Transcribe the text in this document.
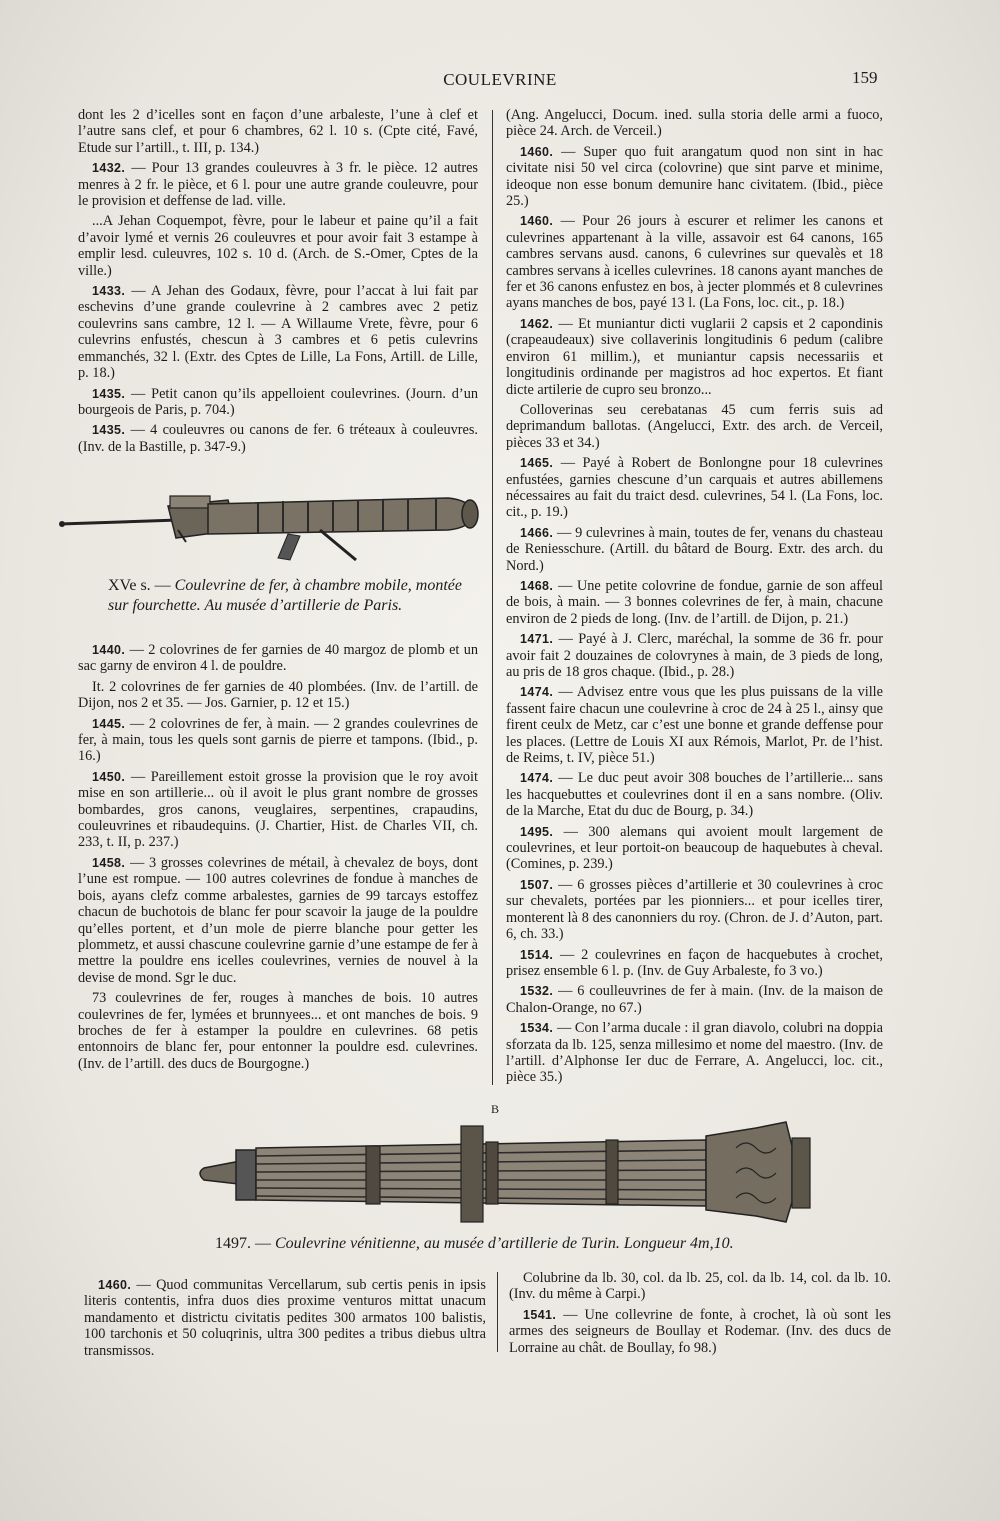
COULEVRINE	159

dont les 2 d’icelles sont en façon d’une arbaleste, l’une à clef et l’autre sans clef, et pour 6 chambres, 62 l. 10 s. (Cpte cité, Favé, Etude sur l’artill., t. III, p. 134.)

1432. — Pour 13 grandes couleuvres à 3 fr. le pièce. 12 autres menres à 2 fr. le pièce, et 6 l. pour une autre grande couleuvre, pour le provision et deffense de lad. ville.

...A Jehan Coquempot, fèvre, pour le labeur et paine qu’il a fait d’avoir lymé et vernis 26 couleuvres et pour avoir fait 3 estampe à emplir lesd. culeuvres, 102 s. 10 d. (Arch. de S.-Omer, Cptes de la ville.)

1433. — A Jehan des Godaux, fèvre, pour l’accat à lui fait par eschevins d’une grande coulevrine à 2 cambres avec 2 petiz coulevrins sans cambre, 12 l. — A Willaume Vrete, fèvre, pour 6 culevrins enfustés, chescun à 3 cambres et 6 petis culevrins emmanchés, 32 l. (Extr. des Cptes de Lille, La Fons, Artill. de Lille, p. 18.)

1435. — Petit canon qu’ils appelloient coulevrines. (Journ. d’un bourgeois de Paris, p. 704.)

1435. — 4 couleuvres ou canons de fer. 6 tréteaux à couleuvres. (Inv. de la Bastille, p. 347-9.)

XVe s. — Coulevrine de fer, à chambre mobile, montée sur fourchette. Au musée d’artillerie de Paris.

1440. — 2 colovrines de fer garnies de 40 margoz de plomb et un sac garny de environ 4 l. de pouldre.

It. 2 colovrines de fer garnies de 40 plombées. (Inv. de l’artill. de Dijon, nos 2 et 35. — Jos. Garnier, p. 12 et 15.)

1445. — 2 colovrines de fer, à main. — 2 grandes coulevrines de fer, à main, tous les quels sont garnis de pierre et tampons. (Ibid., p. 16.)

1450. — Pareillement estoit grosse la provision que le roy avoit mise en son artillerie... où il avoit le plus grant nombre de grosses bombardes, gros canons, veuglaires, serpentines, crapaudins, couleuvrines et ribaudequins. (J. Chartier, Hist. de Charles VII, ch. 233, t. II, p. 237.)

1458. — 3 grosses colevrines de métail, à chevalez de boys, dont l’une est rompue. — 100 autres colevrines de fondue à manches de bois, ayans clefz comme arbalestes, garnies de 99 tarcays estoffez chacun de buchotois de blanc fer pour scavoir la jauge de la pouldre qu’elles portent, et d’un mole de pierre blanche pour getter les plommetz, et aussi chascune coulevrine garnie d’une estampe de fer à mettre la pouldre ens icelles coulevrines, vernies de nouvel à la devise de mond. Sgr le duc.

73 coulevrines de fer, rouges à manches de bois. 10 autres coulevrines de fer, lymées et brunnyees... et ont manches de bois. 9 broches de fer à estamper la pouldre en culevrines. 68 petis entonnoirs de blanc fer, pour entonner la pouldre esd. culevrines. (Inv. de l’artill. des ducs de Bourgogne.)

(Ang. Angelucci, Docum. ined. sulla storia delle armi a fuoco, pièce 24. Arch. de Verceil.)

1460. — Super quo fuit arangatum quod non sint in hac civitate nisi 50 vel circa (colovrine) que sint parve et minime, ideoque non esse bonum demunire hanc civitatem. (Ibid., pièce 25.)

1460. — Pour 26 jours à escurer et relimer les canons et culevrines appartenant à la ville, assavoir est 64 canons, 165 cambres servans ausd. canons, 6 culevrines sur quevalès et 18 cambres servans à icelles culevrines. 18 canons ayant manches de fer et 36 canons enfustez en bos, à jecter plommés et 8 culevrines ayans manches de bos, payé 13 l. (La Fons, loc. cit., p. 18.)

1462. — Et muniantur dicti vuglarii 2 capsis et 2 capondinis (crapeaudeaux) sive collaverinis longitudinis 6 pedum (calibre environ 61 millim.), et muniantur capsis necessariis et longitudinis ordinande per magistros ad hoc expertos. Et fiant dicte artilerie de cupro seu bronzo...

Colloverinas seu cerebatanas 45 cum ferris suis ad deprimandum ballotas. (Angelucci, Extr. des arch. de Verceil, pièces 33 et 34.)

1465. — Payé à Robert de Bonlongne pour 18 culevrines enfustées, garnies chescune d’un carquais et autres abillemens nécessaires au fait du traict desd. culevrines, 54 l. (La Fons, loc. cit., p. 19.)

1466. — 9 culevrines à main, toutes de fer, venans du chasteau de Reniesschure. (Artill. du bâtard de Bourg. Extr. des arch. du Nord.)

1468. — Une petite colovrine de fondue, garnie de son affeul de bois, à main. — 3 bonnes colevrines de fer, à main, chacune environ de 2 pieds de long. (Inv. de l’artill. de Dijon, p. 21.)

1471. — Payé à J. Clerc, maréchal, la somme de 36 fr. pour avoir fait 2 douzaines de colovrynes à main, de 3 pieds de long, au pris de 18 gros chaque. (Ibid., p. 28.)

1474. — Advisez entre vous que les plus puissans de la ville fassent faire chacun une coulevrine à croc de 24 à 25 l., ainsy que firent ceulx de Metz, car c’est une bonne et grande deffense pour les places. (Lettre de Louis XI aux Rémois, Marlot, Pr. de l’hist. de Reims, t. IV, pièce 51.)

1474. — Le duc peut avoir 308 bouches de l’artillerie... sans les hacquebuttes et coulevrines dont il en a sans nombre. (Oliv. de la Marche, Etat du duc de Bourg, p. 34.)

1495. — 300 alemans qui avoient moult largement de coulevrines, et leur portoit-on beaucoup de haquebutes à cheval. (Comines, p. 239.)

1507. — 6 grosses pièces d’artillerie et 30 coulevrines à croc sur chevalets, portées par les pionniers... et pour icelles tirer, monterent là 8 des canonniers du roy. (Chron. de J. d’Auton, part. 6, ch. 33.)

1514. — 2 coulevrines en façon de hacquebutes à crochet, prisez ensemble 6 l. p. (Inv. de Guy Arbaleste, fo 3 vo.)

1532. — 6 coulleuvrines de fer à main. (Inv. de la maison de Chalon-Orange, no 67.)

1534. — Con l’arma ducale : il gran diavolo, colubri na doppia sforzata da lb. 125, senza millesimo et nome del maestro. (Inv. de l’artill. d’Alphonse Ier duc de Ferrare, A. Angelucci, loc. cit., pièce 35.)

B
1497. — Coulevrine vénitienne, au musée d’artillerie de Turin. Longueur 4m,10.

1460. — Quod communitas Vercellarum, sub certis penis in ipsis literis contentis, infra duos dies proxime venturos mittat unacum mandamento et districtu civitatis pedites 300 armatos 100 balistis, 100 tarchonis et 50 coluqrinis, ultra 300 pedites a tribus diebus ultra transmissos.

Colubrine da lb. 30, col. da lb. 25, col. da lb. 14, col. da lb. 10. (Inv. du même à Carpi.)

1541. — Une collevrine de fonte, à crochet, là où sont les armes des seigneurs de Boullay et Rodemar. (Inv. des ducs de Lorraine au chât. de Boullay, fo 98.)
